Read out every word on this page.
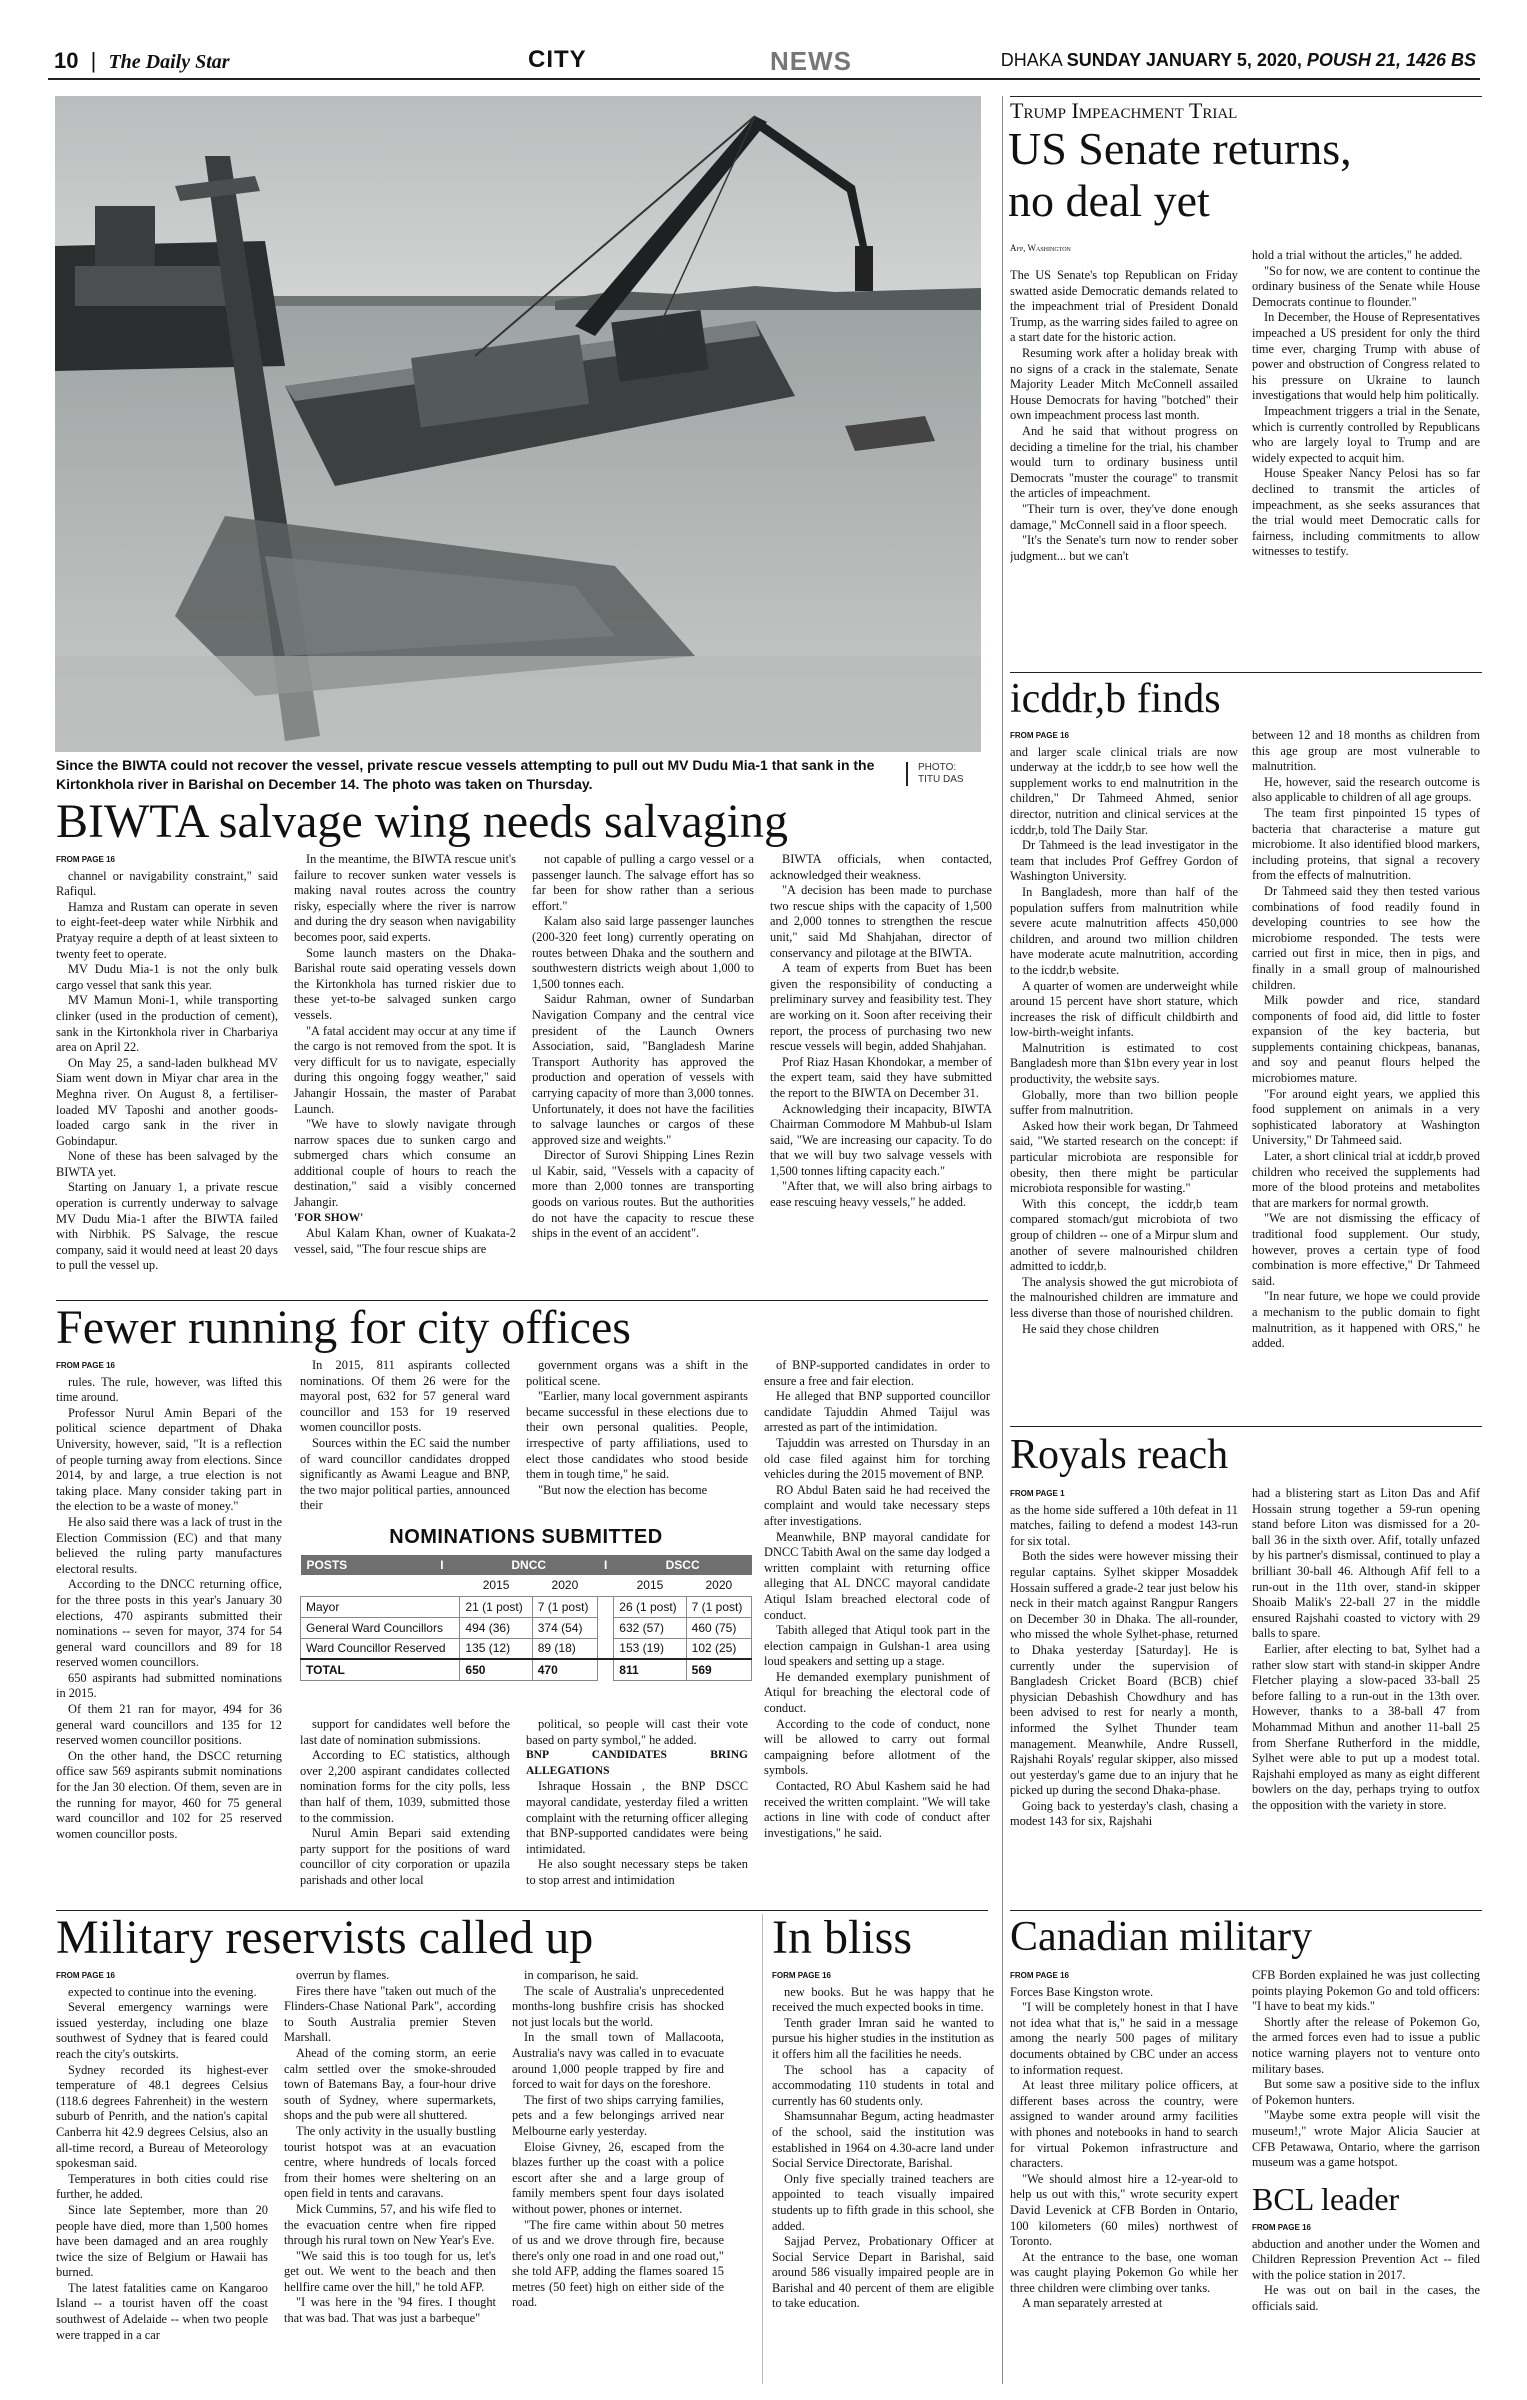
10 | The Daily Star	CITY	NEWS	DHAKA SUNDAY JANUARY 5, 2020, POUSH 21, 1426 BS
Since the BIWTA could not recover the vessel, private rescue vessels attempting to pull out MV Dudu Mia-1 that sank in the Kirtonkhola river in Barishal on December 14. The photo was taken on Thursday.
PHOTO:
TITU DAS
BIWTA salvage wing needs salvaging

FROM PAGE 16

channel or navigability constraint," said Rafiqul.

Hamza and Rustam can operate in seven to eight-feet-deep water while Nirbhik and Pratyay require a depth of at least sixteen to twenty feet to operate.

MV Dudu Mia-1 is not the only bulk cargo vessel that sank this year.

MV Mamun Moni-1, while transporting clinker (used in the production of cement), sank in the Kirtonkhola river in Charbariya area on April 22.

On May 25, a sand-laden bulkhead MV Siam went down in Miyar char area in the Meghna river. On August 8, a fertiliser-loaded MV Taposhi and another goods-loaded cargo sank in the river in Gobindapur.

None of these has been salvaged by the BIWTA yet.

Starting on January 1, a private rescue operation is currently underway to salvage MV Dudu Mia-1 after the BIWTA failed with Nirbhik. PS Salvage, the rescue company, said it would need at least 20 days to pull the vessel up.

In the meantime, the BIWTA rescue unit's failure to recover sunken water vessels is making naval routes across the country risky, especially where the river is narrow and during the dry season when navigability becomes poor, said experts.

Some launch masters on the Dhaka-Barishal route said operating vessels down the Kirtonkhola has turned riskier due to these yet-to-be salvaged sunken cargo vessels.

"A fatal accident may occur at any time if the cargo is not removed from the spot. It is very difficult for us to navigate, especially during this ongoing foggy weather," said Jahangir Hossain, the master of Parabat Launch.

"We have to slowly navigate through narrow spaces due to sunken cargo and submerged chars which consume an additional couple of hours to reach the destination," said a visibly concerned Jahangir.

'FOR SHOW'

Abul Kalam Khan, owner of Kuakata-2 vessel, said, "The four rescue ships are

not capable of pulling a cargo vessel or a passenger launch. The salvage effort has so far been for show rather than a serious effort."

Kalam also said large passenger launches (200-320 feet long) currently operating on routes between Dhaka and the southern and southwestern districts weigh about 1,000 to 1,500 tonnes each.

Saidur Rahman, owner of Sundarban Navigation Company and the central vice president of the Launch Owners Association, said, "Bangladesh Marine Transport Authority has approved the production and operation of vessels with carrying capacity of more than 3,000 tonnes. Unfortunately, it does not have the facilities to salvage launches or cargos of these approved size and weights."

Director of Surovi Shipping Lines Rezin ul Kabir, said, "Vessels with a capacity of more than 2,000 tonnes are transporting goods on various routes. But the authorities do not have the capacity to rescue these ships in the event of an accident".

BIWTA officials, when contacted, acknowledged their weakness.

"A decision has been made to purchase two rescue ships with the capacity of 1,500 and 2,000 tonnes to strengthen the rescue unit," said Md Shahjahan, director of conservancy and pilotage at the BIWTA.

A team of experts from Buet has been given the responsibility of conducting a preliminary survey and feasibility test. They are working on it. Soon after receiving their report, the process of purchasing two new rescue vessels will begin, added Shahjahan.

Prof Riaz Hasan Khondokar, a member of the expert team, said they have submitted the report to the BIWTA on December 31.

Acknowledging their incapacity, BIWTA Chairman Commodore M Mahbub-ul Islam said, "We are increasing our capacity. To do that we will buy two salvage vessels with 1,500 tonnes lifting capacity each."

"After that, we will also bring airbags to ease rescuing heavy vessels," he added.

Fewer running for city offices

FROM PAGE 16

rules. The rule, however, was lifted this time around.

Professor Nurul Amin Bepari of the political science department of Dhaka University, however, said, "It is a reflection of people turning away from elections. Since 2014, by and large, a true election is not taking place. Many consider taking part in the election to be a waste of money."

He also said there was a lack of trust in the Election Commission (EC) and that many believed the ruling party manufactures electoral results.

According to the DNCC returning office, for the three posts in this year's January 30 elections, 470 aspirants submitted their nominations -- seven for mayor, 374 for 54 general ward councillors and 89 for 18 reserved women councillors.

650 aspirants had submitted nominations in 2015.

Of them 21 ran for mayor, 494 for 36 general ward councillors and 135 for 12 reserved women councillor positions.

On the other hand, the DSCC returning office saw 569 aspirants submit nominations for the Jan 30 election. Of them, seven are in the running for mayor, 460 for 75 general ward councillor and 102 for 25 reserved women councillor posts.

In 2015, 811 aspirants collected nominations. Of them 26 were for the mayoral post, 632 for 57 general ward councillor and 153 for 19 reserved women councillor posts.

Sources within the EC said the number of ward councillor candidates dropped significantly as Awami League and BNP, the two major political parties, announced their

government organs was a shift in the political scene.

"Earlier, many local government aspirants became successful in these elections due to their own personal qualities. People, irrespective of party affiliations, used to elect those candidates who stood beside them in tough time," he said.

"But now the election has become

NOMINATIONS SUBMITTED
POSTS	I	DNCC		I	DSCC	
		2015	2020		2015	2020
Mayor		21 (1 post)	7 (1 post)		26 (1 post)	7 (1 post)
General Ward Councillors		494 (36)	374 (54)		632 (57)	460 (75)
Ward Councillor Reserved		135 (12)	89 (18)		153 (19)	102 (25)
TOTAL		650	470		811	569

support for candidates well before the last date of nomination submissions.

According to EC statistics, although over 2,200 aspirant candidates collected nomination forms for the city polls, less than half of them, 1039, submitted those to the commission.

Nurul Amin Bepari said extending party support for the positions of ward councillor of city corporation or upazila parishads and other local

political, so people will cast their vote based on party symbol," he added.

BNP CANDIDATES BRING ALLEGATIONS

Ishraque Hossain , the BNP DSCC mayoral candidate, yesterday filed a written complaint with the returning officer alleging that BNP-supported candidates were being intimidated.

He also sought necessary steps be taken to stop arrest and intimidation

of BNP-supported candidates in order to ensure a free and fair election.

He alleged that BNP supported councillor candidate Tajuddin Ahmed Taijul was arrested as part of the intimidation.

Tajuddin was arrested on Thursday in an old case filed against him for torching vehicles during the 2015 movement of BNP.

RO Abdul Baten said he had received the complaint and would take necessary steps after investigations.

Meanwhile, BNP mayoral candidate for DNCC Tabith Awal on the same day lodged a written complaint with returning office alleging that AL DNCC mayoral candidate Atiqul Islam breached electoral code of conduct.

Tabith alleged that Atiqul took part in the election campaign in Gulshan-1 area using loud speakers and setting up a stage.

He demanded exemplary punishment of Atiqul for breaching the electoral code of conduct.

According to the code of conduct, none will be allowed to carry out formal campaigning before allotment of the symbols.

Contacted, RO Abul Kashem said he had received the written complaint. "We will take actions in line with code of conduct after investigations," he said.

Military reservists called up

FROM PAGE 16

expected to continue into the evening.

Several emergency warnings were issued yesterday, including one blaze southwest of Sydney that is feared could reach the city's outskirts.

Sydney recorded its highest-ever temperature of 48.1 degrees Celsius (118.6 degrees Fahrenheit) in the western suburb of Penrith, and the nation's capital Canberra hit 42.9 degrees Celsius, also an all-time record, a Bureau of Meteorology spokesman said.

Temperatures in both cities could rise further, he added.

Since late September, more than 20 people have died, more than 1,500 homes have been damaged and an area roughly twice the size of Belgium or Hawaii has burned.

The latest fatalities came on Kangaroo Island -- a tourist haven off the coast southwest of Adelaide -- when two people were trapped in a car

overrun by flames.

Fires there have "taken out much of the Flinders-Chase National Park", according to South Australia premier Steven Marshall.

Ahead of the coming storm, an eerie calm settled over the smoke-shrouded town of Batemans Bay, a four-hour drive south of Sydney, where supermarkets, shops and the pub were all shuttered.

The only activity in the usually bustling tourist hotspot was at an evacuation centre, where hundreds of locals forced from their homes were sheltering on an open field in tents and caravans.

Mick Cummins, 57, and his wife fled to the evacuation centre when fire ripped through his rural town on New Year's Eve.

"We said this is too tough for us, let's get out. We went to the beach and then hellfire came over the hill," he told AFP.

"I was here in the '94 fires. I thought that was bad. That was just a barbeque"

in comparison, he said.

The scale of Australia's unprecedented months-long bushfire crisis has shocked not just locals but the world.

In the small town of Mallacoota, Australia's navy was called in to evacuate around 1,000 people trapped by fire and forced to wait for days on the foreshore.

The first of two ships carrying families, pets and a few belongings arrived near Melbourne early yesterday.

Eloise Givney, 26, escaped from the blazes further up the coast with a police escort after she and a large group of family members spent four days isolated without power, phones or internet.

"The fire came within about 50 metres of us and we drove through fire, because there's only one road in and one road out," she told AFP, adding the flames soared 15 metres (50 feet) high on either side of the road.

In bliss

FORM PAGE 16

new books. But he was happy that he received the much expected books in time.

Tenth grader Imran said he wanted to pursue his higher studies in the institution as it offers him all the facilities he needs.

The school has a capacity of accommodating 110 students in total and currently has 60 students only.

Shamsunnahar Begum, acting headmaster of the school, said the institution was established in 1964 on 4.30-acre land under Social Service Directorate, Barishal.

Only five specially trained teachers are appointed to teach visually impaired students up to fifth grade in this school, she added.

Sajjad Pervez, Probationary Officer at Social Service Depart in Barishal, said around 586 visually impaired people are in Barishal and 40 percent of them are eligible to take education.

Trump Impeachment Trial
US Senate returns,
no deal yet
Afp, Washington

The US Senate's top Republican on Friday swatted aside Democratic demands related to the impeachment trial of President Donald Trump, as the warring sides failed to agree on a start date for the historic action.

Resuming work after a holiday break with no signs of a crack in the stalemate, Senate Majority Leader Mitch McConnell assailed House Democrats for having "botched" their own impeachment process last month.

And he said that without progress on deciding a timeline for the trial, his chamber would turn to ordinary business until Democrats "muster the courage" to transmit the articles of impeachment.

"Their turn is over, they've done enough damage," McConnell said in a floor speech.

"It's the Senate's turn now to render sober judgment... but we can't

hold a trial without the articles," he added.

"So for now, we are content to continue the ordinary business of the Senate while House Democrats continue to flounder."

In December, the House of Representatives impeached a US president for only the third time ever, charging Trump with abuse of power and obstruction of Congress related to his pressure on Ukraine to launch investigations that would help him politically.

Impeachment triggers a trial in the Senate, which is currently controlled by Republicans who are largely loyal to Trump and are widely expected to acquit him.

House Speaker Nancy Pelosi has so far declined to transmit the articles of impeachment, as she seeks assurances that the trial would meet Democratic calls for fairness, including commitments to allow witnesses to testify.

icddr,b finds

FROM PAGE 16

and larger scale clinical trials are now underway at the icddr,b to see how well the supplement works to end malnutrition in the children," Dr Tahmeed Ahmed, senior director, nutrition and clinical services at the icddr,b, told The Daily Star.

Dr Tahmeed is the lead investigator in the team that includes Prof Geffrey Gordon of Washington University.

In Bangladesh, more than half of the population suffers from malnutrition while severe acute malnutrition affects 450,000 children, and around two million children have moderate acute malnutrition, according to the icddr,b website.

A quarter of women are underweight while around 15 percent have short stature, which increases the risk of difficult childbirth and low-birth-weight infants.

Malnutrition is estimated to cost Bangladesh more than $1bn every year in lost productivity, the website says.

Globally, more than two billion people suffer from malnutrition.

Asked how their work began, Dr Tahmeed said, "We started research on the concept: if particular microbiota are responsible for obesity, then there might be particular microbiota responsible for wasting."

With this concept, the icddr,b team compared stomach/gut microbiota of two group of children -- one of a Mirpur slum and another of severe malnourished children admitted to icddr,b.

The analysis showed the gut microbiota of the malnourished children are immature and less diverse than those of nourished children.

He said they chose children

between 12 and 18 months as children from this age group are most vulnerable to malnutrition.

He, however, said the research outcome is also applicable to children of all age groups.

The team first pinpointed 15 types of bacteria that characterise a mature gut microbiome. It also identified blood markers, including proteins, that signal a recovery from the effects of malnutrition.

Dr Tahmeed said they then tested various combinations of food readily found in developing countries to see how the microbiome responded. The tests were carried out first in mice, then in pigs, and finally in a small group of malnourished children.

Milk powder and rice, standard components of food aid, did little to foster expansion of the key bacteria, but supplements containing chickpeas, bananas, and soy and peanut flours helped the microbiomes mature.

"For around eight years, we applied this food supplement on animals in a very sophisticated laboratory at Washington University," Dr Tahmeed said.

Later, a short clinical trial at icddr,b proved children who received the supplements had more of the blood proteins and metabolites that are markers for normal growth.

"We are not dismissing the efficacy of traditional food supplement. Our study, however, proves a certain type of food combination is more effective," Dr Tahmeed said.

"In near future, we hope we could provide a mechanism to the public domain to fight malnutrition, as it happened with ORS," he added.

Royals reach

FROM PAGE 1

as the home side suffered a 10th defeat in 11 matches, failing to defend a modest 143-run for six total.

Both the sides were however missing their regular captains. Sylhet skipper Mosaddek Hossain suffered a grade-2 tear just below his neck in their match against Rangpur Rangers on December 30 in Dhaka. The all-rounder, who missed the whole Sylhet-phase, returned to Dhaka yesterday [Saturday]. He is currently under the supervision of Bangladesh Cricket Board (BCB) chief physician Debashish Chowdhury and has been advised to rest for nearly a month, informed the Sylhet Thunder team management. Meanwhile, Andre Russell, Rajshahi Royals' regular skipper, also missed out yesterday's game due to an injury that he picked up during the second Dhaka-phase.

Going back to yesterday's clash, chasing a modest 143 for six, Rajshahi

had a blistering start as Liton Das and Afif Hossain strung together a 59-run opening stand before Liton was dismissed for a 20-ball 36 in the sixth over. Afif, totally unfazed by his partner's dismissal, continued to play a brilliant 30-ball 46. Although Afif fell to a run-out in the 11th over, stand-in skipper Shoaib Malik's 22-ball 27 in the middle ensured Rajshahi coasted to victory with 29 balls to spare.

Earlier, after electing to bat, Sylhet had a rather slow start with stand-in skipper Andre Fletcher playing a slow-paced 33-ball 25 before falling to a run-out in the 13th over. However, thanks to a 38-ball 47 from Mohammad Mithun and another 11-ball 25 from Sherfane Rutherford in the middle, Sylhet were able to put up a modest total. Rajshahi employed as many as eight different bowlers on the day, perhaps trying to outfox the opposition with the variety in store.

Canadian military

FROM PAGE 16

Forces Base Kingston wrote.

"I will be completely honest in that I have not idea what that is," he said in a message among the nearly 500 pages of military documents obtained by CBC under an access to information request.

At least three military police officers, at different bases across the country, were assigned to wander around army facilities with phones and notebooks in hand to search for virtual Pokemon infrastructure and characters.

"We should almost hire a 12-year-old to help us out with this," wrote security expert David Levenick at CFB Borden in Ontario, 100 kilometers (60 miles) northwest of Toronto.

At the entrance to the base, one woman was caught playing Pokemon Go while her three children were climbing over tanks.

A man separately arrested at

CFB Borden explained he was just collecting points playing Pokemon Go and told officers: "I have to beat my kids."

Shortly after the release of Pokemon Go, the armed forces even had to issue a public notice warning players not to venture onto military bases.

But some saw a positive side to the influx of Pokemon hunters.

"Maybe some extra people will visit the museum!," wrote Major Alicia Saucier at CFB Petawawa, Ontario, where the garrison museum was a game hotspot.

BCL leader

FROM PAGE 16

abduction and another under the Women and Children Repression Prevention Act -- filed with the police station in 2017.

He was out on bail in the cases, the officials said.
